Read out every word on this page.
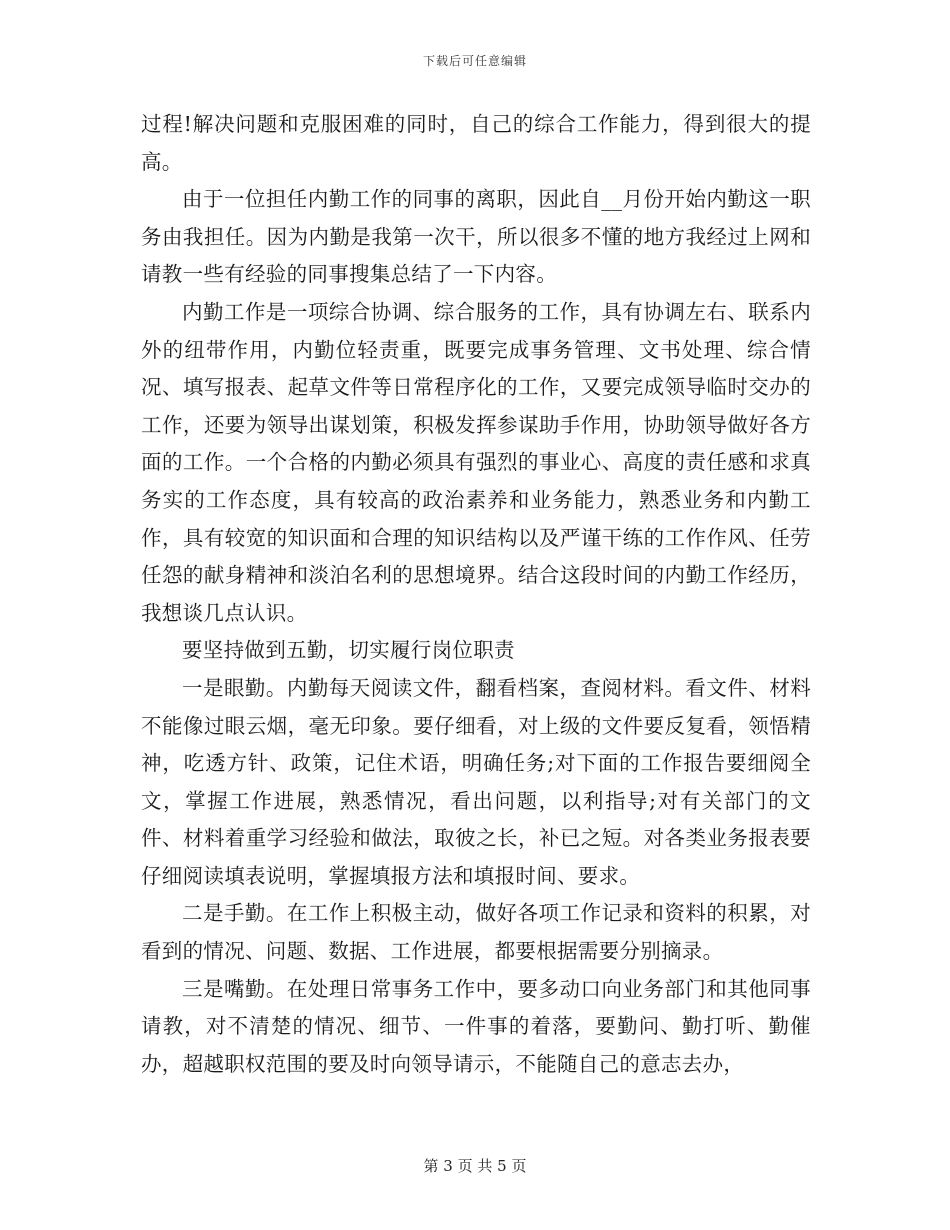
下载后可任意编辑

过程!解决问题和克服困难的同时，自己的综合工作能力，得到很大的提高。

由于一位担任内勤工作的同事的离职，因此自__月份开始内勤这一职务由我担任。因为内勤是我第一次干，所以很多不懂的地方我经过上网和请教一些有经验的同事搜集总结了一下内容。

内勤工作是一项综合协调、综合服务的工作，具有协调左右、联系内外的纽带作用，内勤位轻责重，既要完成事务管理、文书处理、综合情况、填写报表、起草文件等日常程序化的工作，又要完成领导临时交办的工作，还要为领导出谋划策，积极发挥参谋助手作用，协助领导做好各方面的工作。一个合格的内勤必须具有强烈的事业心、高度的责任感和求真务实的工作态度，具有较高的政治素养和业务能力，熟悉业务和内勤工作，具有较宽的知识面和合理的知识结构以及严谨干练的工作作风、任劳任怨的献身精神和淡泊名利的思想境界。结合这段时间的内勤工作经历，我想谈几点认识。

要坚持做到五勤，切实履行岗位职责

一是眼勤。内勤每天阅读文件，翻看档案，查阅材料。看文件、材料不能像过眼云烟，毫无印象。要仔细看，对上级的文件要反复看，领悟精神，吃透方针、政策，记住术语，明确任务;对下面的工作报告要细阅全文，掌握工作进展，熟悉情况，看出问题，以利指导;对有关部门的文件、材料着重学习经验和做法，取彼之长，补已之短。对各类业务报表要仔细阅读填表说明，掌握填报方法和填报时间、要求。

二是手勤。在工作上积极主动，做好各项工作记录和资料的积累，对看到的情况、问题、数据、工作进展，都要根据需要分别摘录。

三是嘴勤。在处理日常事务工作中，要多动口向业务部门和其他同事请教，对不清楚的情况、细节、一件事的着落，要勤问、勤打听、勤催办，超越职权范围的要及时向领导请示，不能随自己的意志去办，

第 3 页 共 5 页
